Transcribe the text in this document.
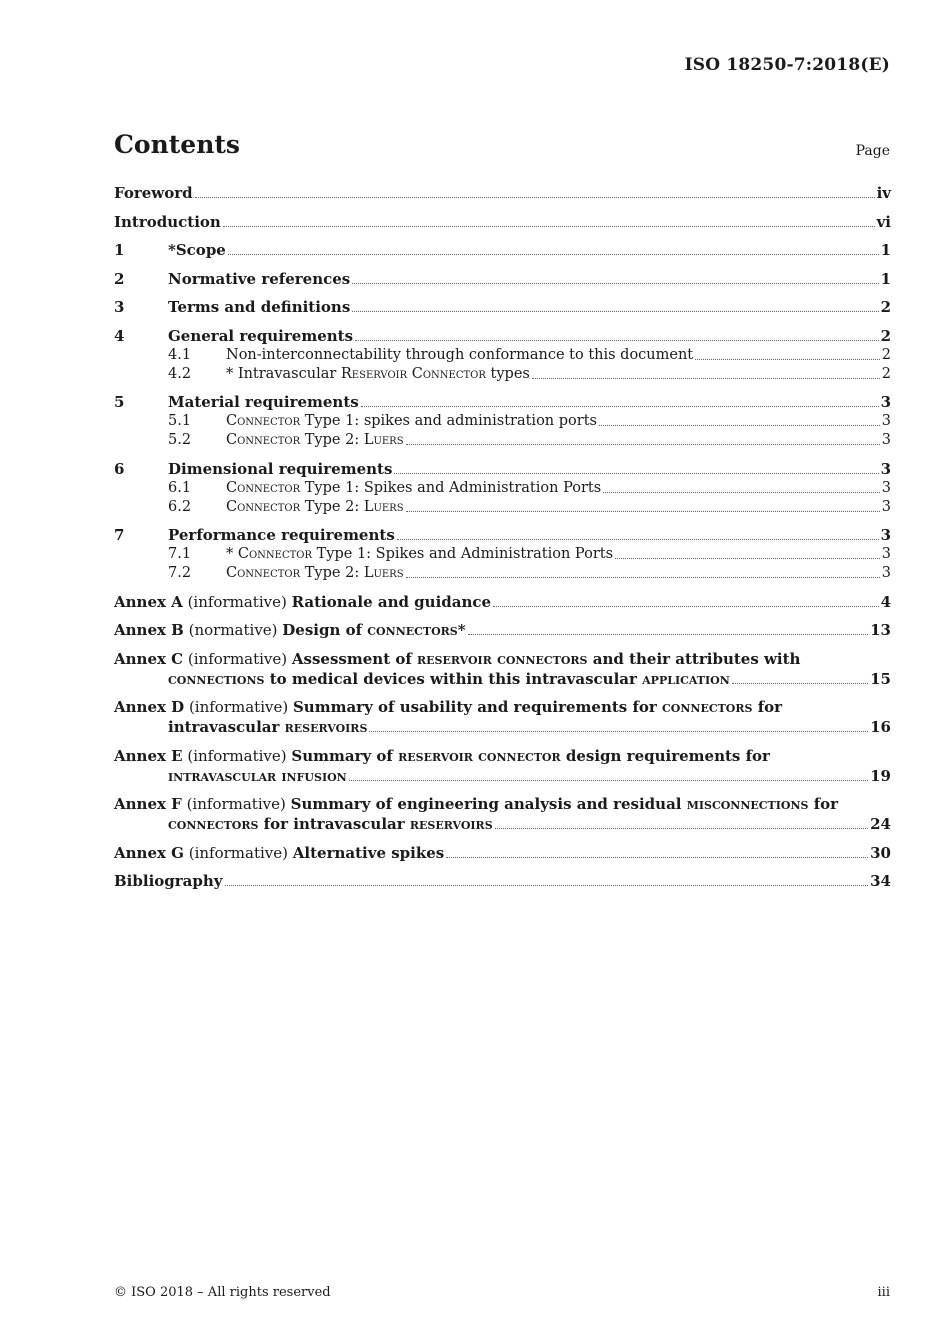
ISO 18250-7:2018(E)
Contents	Page
Foreword	iv
Introduction	vi
1	*Scope	1
2	Normative references	1
3	Terms and definitions	2
4	General requirements	2
4.1 Non-interconnectability through conformance to this document	2
4.2 * Intravascular Reservoir Connector types	2
5	Material requirements	3
5.1 Connector Type 1: spikes and administration ports	3
5.2 Connector Type 2: Luers	3
6	Dimensional requirements	3
6.1 Connector Type 1: Spikes and Administration Ports	3
6.2 Connector Type 2: Luers	3
7	Performance requirements	3
7.1 * Connector Type 1: Spikes and Administration Ports	3
7.2 Connector Type 2: Luers	3
Annex A (informative) Rationale and guidance	4
Annex B (normative) Design of connectors*	13
Annex C (informative) Assessment of reservoir connectors and their attributes with
connections to medical devices within this intravascular application	15
Annex D (informative) Summary of usability and requirements for connectors for
intravascular reservoirs	16
Annex E (informative) Summary of reservoir connector design requirements for
intravascular infusion	19
Annex F (informative) Summary of engineering analysis and residual misconnections for
connectors for intravascular reservoirs	24
Annex G (informative) Alternative spikes	30
Bibliography	34
© ISO 2018 – All rights reserved	iii
